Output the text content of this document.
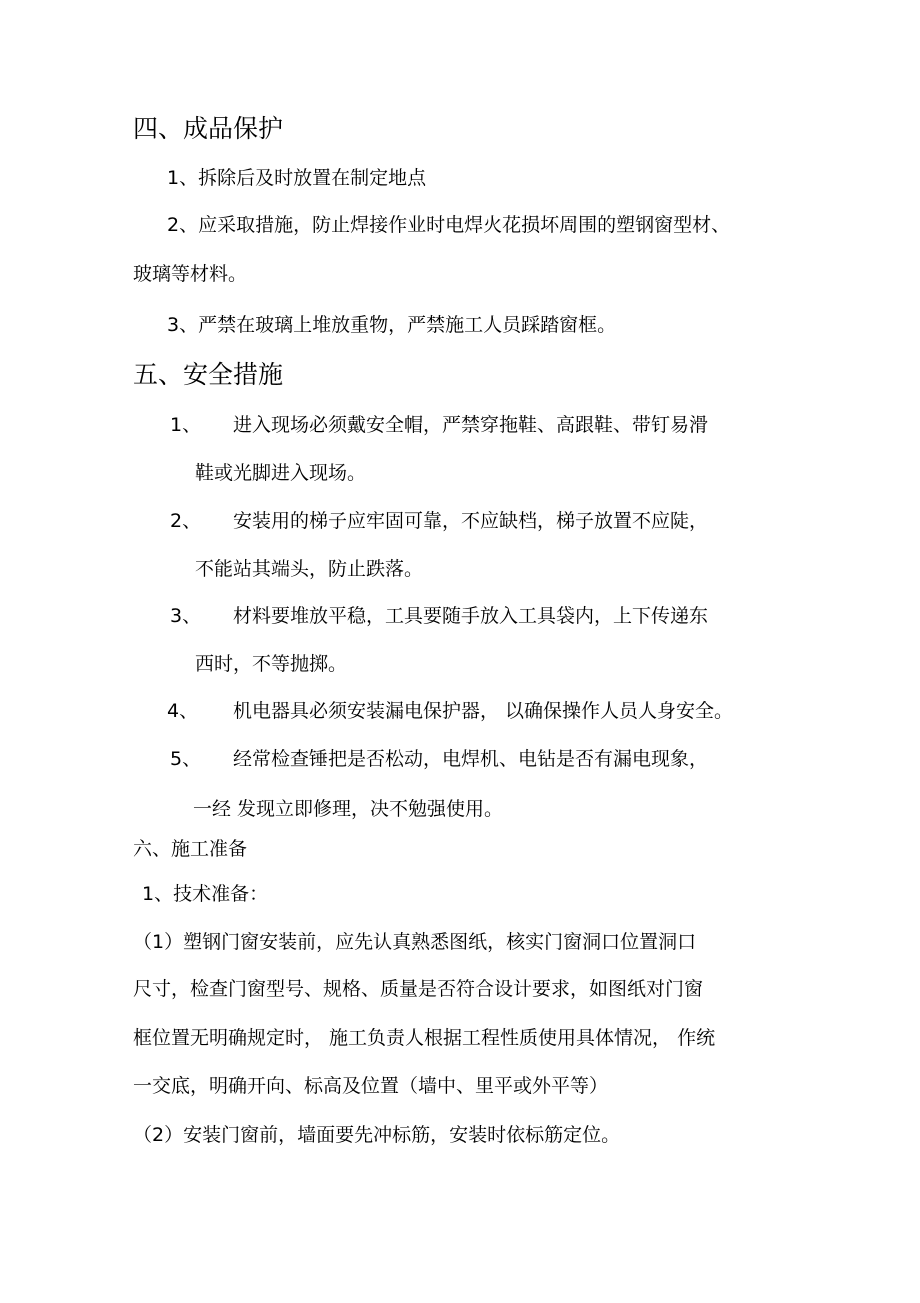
四、成品保护
1、拆除后及时放置在制定地点
2、应采取措施，防止焊接作业时电焊火花损坏周围的塑钢窗型材、
玻璃等材料。
3、严禁在玻璃上堆放重物，严禁施工人员踩踏窗框。
五、安全措施
1、 进入现场必须戴安全帽，严禁穿拖鞋、高跟鞋、带钉易滑
鞋或光脚进入现场。
2、 安装用的梯子应牢固可靠，不应缺档，梯子放置不应陡，
不能站其端头，防止跌落。
3、 材料要堆放平稳，工具要随手放入工具袋内，上下传递东
西时，不等抛掷。
4、 机电器具必须安装漏电保护器， 以确保操作人员人身安全。
5、 经常检查锤把是否松动，电焊机、电钻是否有漏电现象，
一经 发现立即修理，决不勉强使用。
六、施工准备
1、技术准备：
（1）塑钢门窗安装前，应先认真熟悉图纸，核实门窗洞口位置洞口
尺寸，检查门窗型号、规格、质量是否符合设计要求，如图纸对门窗
框位置无明确规定时， 施工负责人根据工程性质使用具体情况， 作统
一交底，明确开向、标高及位置（墙中、里平或外平等）
（2）安装门窗前，墙面要先冲标筋，安装时依标筋定位。
